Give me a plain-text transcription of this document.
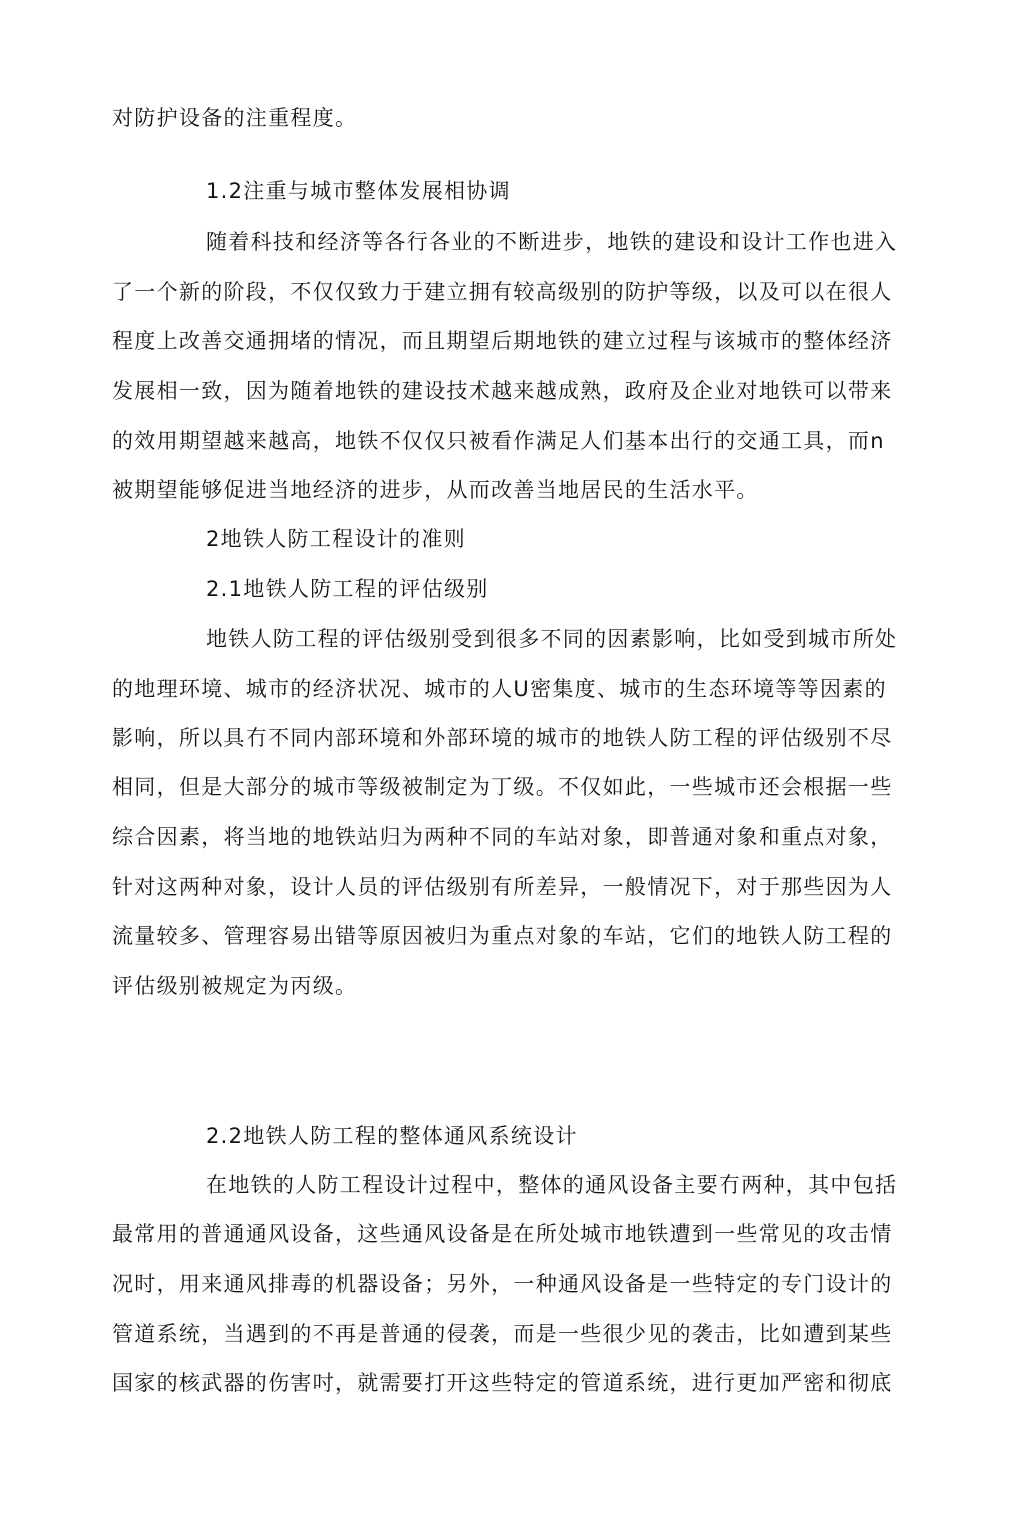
对防护设备的注重程度。
1.2注重与城市整体发展相协调
随着科技和经济等各行各业的不断进步，地铁的建设和设计工作也进入
了一个新的阶段，不仅仅致力于建立拥有较高级别的防护等级，以及可以在很人
程度上改善交通拥堵的情况，而且期望后期地铁的建立过程与该城市的整体经济
发展相一致，因为随着地铁的建设技术越来越成熟，政府及企业对地铁可以带来
的效用期望越来越高，地铁不仅仅只被看作满足人们基本出行的交通工具，而n
被期望能够促进当地经济的进步，从而改善当地居民的生活水平。
2地铁人防工程设计的准则
2.1地铁人防工程的评估级别
地铁人防工程的评估级别受到很多不同的因素影响，比如受到城市所处
的地理环境、城市的经济状况、城市的人U密集度、城市的生态环境等等因素的
影响，所以具冇不同内部环境和外部环境的城市的地铁人防工程的评估级别不尽
相同，但是大部分的城市等级被制定为丁级。不仅如此，一些城市还会根据一些
综合因素，将当地的地铁站归为两种不同的车站对象，即普通对象和重点对象，
针对这两种对象，设计人员的评估级别有所差异，一般情况下，对于那些因为人
流量较多、管理容易出错等原因被归为重点对象的车站，它们的地铁人防工程的
评估级别被规定为丙级。
2.2地铁人防工程的整体通风系统设计
在地铁的人防工程设计过程中，整体的通风设备主要冇两种，其中包括
最常用的普通通风设备，这些通风设备是在所处城市地铁遭到一些常见的攻击情
况时，用来通风排毒的机器设备；另外，一种通风设备是一些特定的专门设计的
管道系统，当遇到的不再是普通的侵袭，而是一些很少见的袭击，比如遭到某些
国家的核武器的伤害吋，就需要打开这些特定的管道系统，进行更加严密和彻底
